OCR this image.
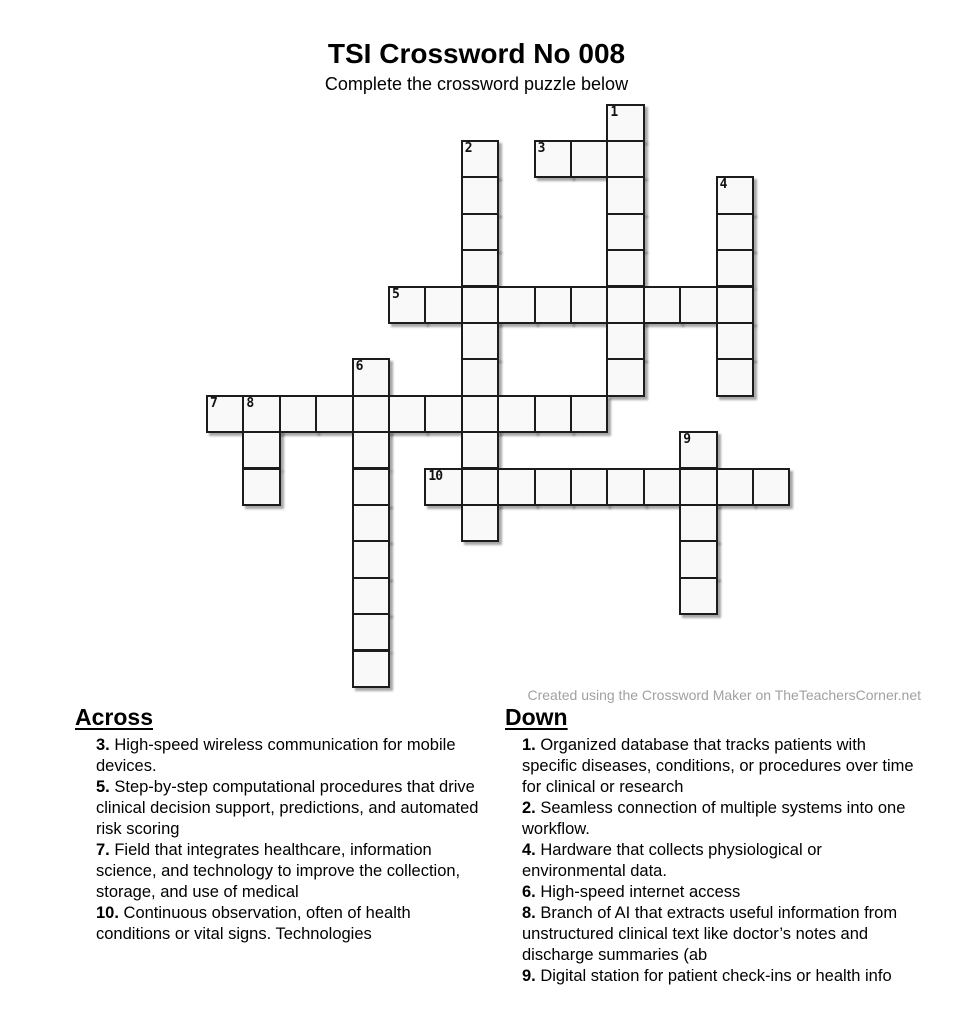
TSI Crossword No 008
Complete the crossword puzzle below
1
2	3
4
5
6
7 8
9
10
Created using the Crossword Maker on TheTeachersCorner.net
Across

3. High-speed wireless communication for mobile devices.

5. Step-by-step computational procedures that drive clinical decision support, predictions, and automated risk scoring

7. Field that integrates healthcare, information science, and technology to improve the collection, storage, and use of medical

10. Continuous observation, often of health conditions or vital signs. Technologies

Down

1. Organized database that tracks patients with specific diseases, conditions, or procedures over time for clinical or research

2. Seamless connection of multiple systems into one workflow.

4. Hardware that collects physiological or environmental data.

6. High-speed internet access

8. Branch of AI that extracts useful information from unstructured clinical text like doctor’s notes and discharge summaries (ab

9. Digital station for patient check-ins or health info
